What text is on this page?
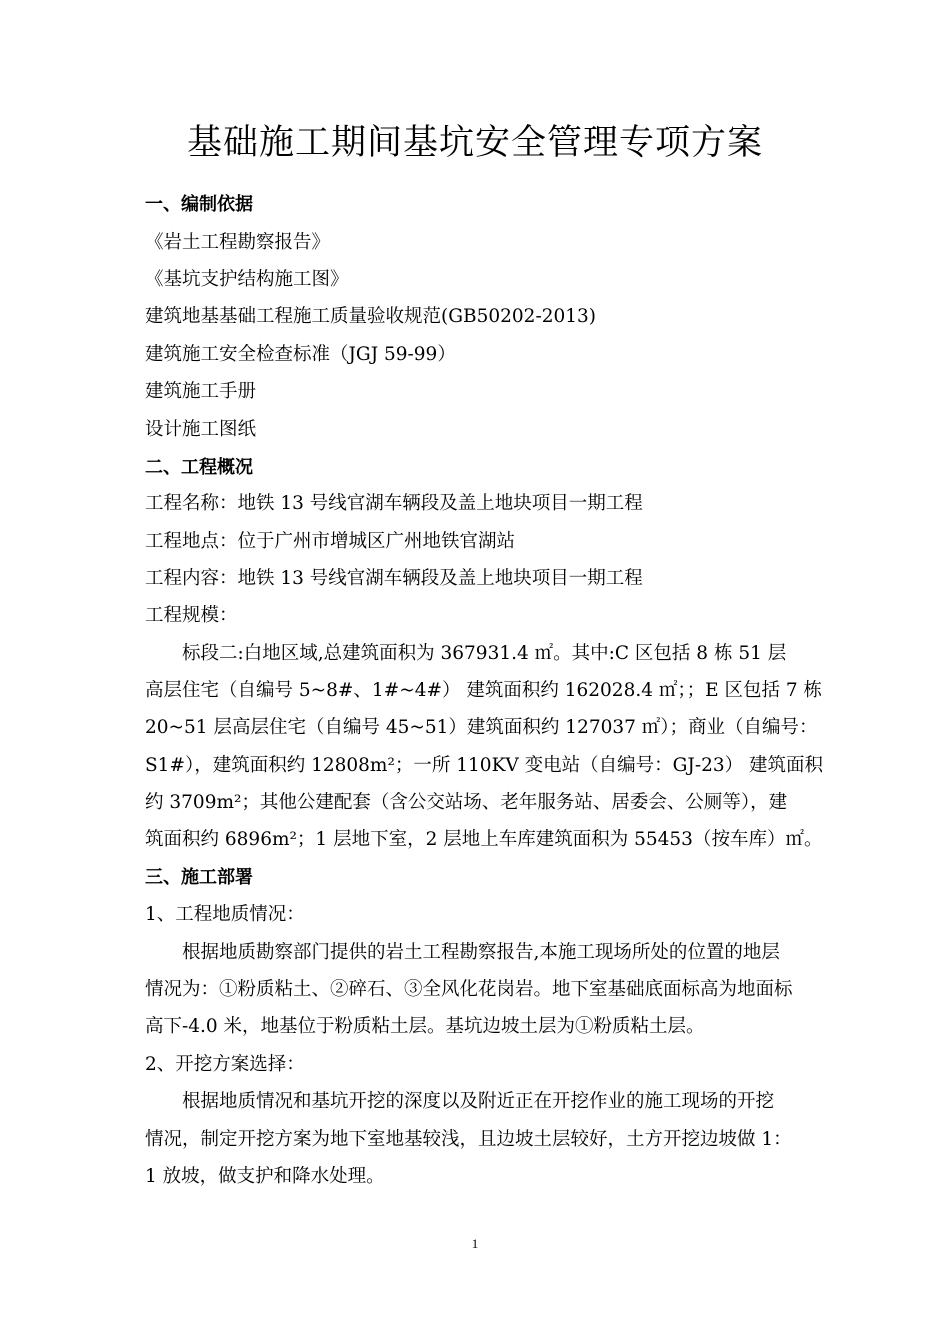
基础施工期间基坑安全管理专项方案
一、编制依据
《岩土工程勘察报告》
《基坑支护结构施工图》
建筑地基基础工程施工质量验收规范(GB50202-2013)
建筑施工安全检查标准（JGJ 59-99）
建筑施工手册
设计施工图纸
二、工程概况
工程名称：地铁 13 号线官湖车辆段及盖上地块项目一期工程
工程地点：位于广州市增城区广州地铁官湖站
工程内容：地铁 13 号线官湖车辆段及盖上地块项目一期工程
工程规模：
标段二:白地区域,总建筑面积为 367931.4 ㎡。其中:C 区包括 8 栋 51 层
高层住宅（自编号 5~8#、1#~4#） 建筑面积约 162028.4 ㎡；；E 区包括 7 栋
20~51 层高层住宅（自编号 45~51）建筑面积约 127037 ㎡）；商业（自编号：
S1#），建筑面积约 12808m²；一所 110KV 变电站（自编号：GJ-23） 建筑面积
约 3709m²；其他公建配套（含公交站场、老年服务站、居委会、公厕等），建
筑面积约 6896m²；1 层地下室，2 层地上车库建筑面积为 55453（按车库）㎡。
三、施工部署
1、工程地质情况：
根据地质勘察部门提供的岩土工程勘察报告,本施工现场所处的位置的地层
情况为：①粉质粘土、②碎石、③全风化花岗岩。地下室基础底面标高为地面标
高下-4.0 米，地基位于粉质粘土层。基坑边坡土层为①粉质粘土层。
2、开挖方案选择：
根据地质情况和基坑开挖的深度以及附近正在开挖作业的施工现场的开挖
情况，制定开挖方案为地下室地基较浅，且边坡土层较好，土方开挖边坡做 1：
1 放坡，做支护和降水处理。
1
